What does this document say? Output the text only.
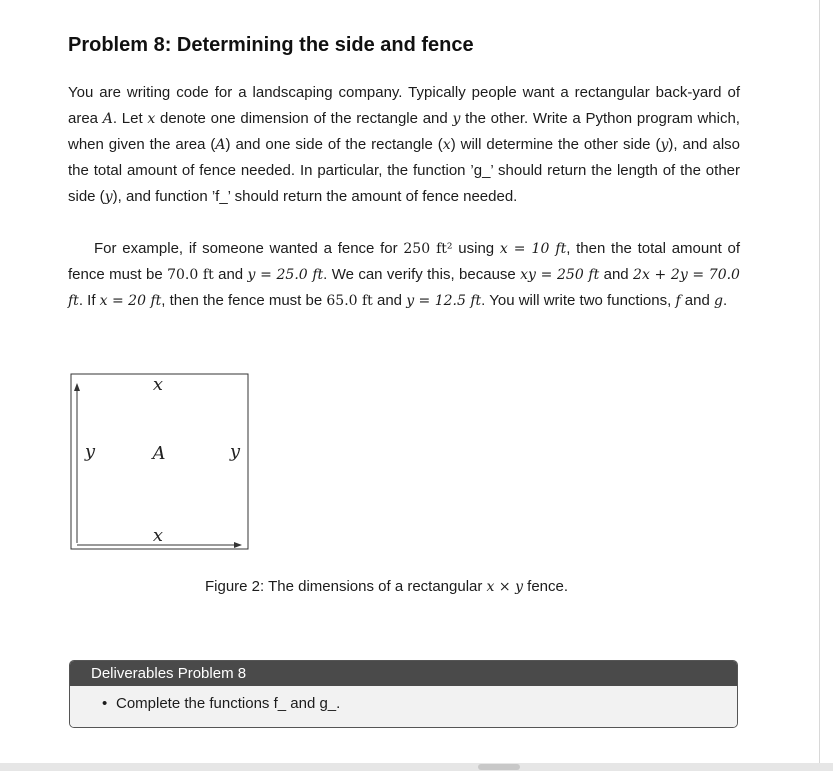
Problem 8: Determining the side and fence

You are writing code for a landscaping company. Typically people want a rectangular back-yard of area A. Let x denote one dimension of the rectangle and y the other. Write a Python program which, when given the area (A) and one side of the rectangle (x) will determine the other side (y), and also the total amount of fence needed. In particular, the function ’g_’ should return the length of the other side (y), and function ’f_’ should return the amount of fence needed.

For example, if someone wanted a fence for 250 ft² using x = 10 ft, then the total amount of fence must be 70.0 ft and y = 25.0 ft. We can verify this, because xy = 250 ft and 2x + 2y = 70.0 ft. If x = 20 ft, then the fence must be 65.0 ft and y = 12.5 ft. You will write two functions, f and g.

x
y	A	y
x

Figure 2: The dimensions of a rectangular x × y fence.

Deliverables Problem 8
• Complete the functions f_ and g_.
